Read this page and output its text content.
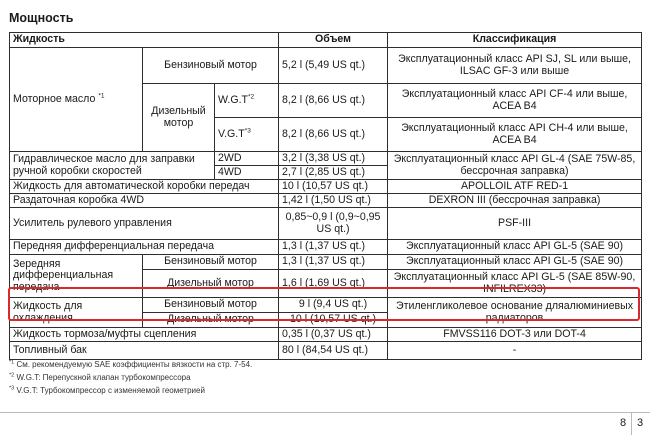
Мощность
Жидкость			Объем	Классификация
Моторное масло $^{*1}$	Бензиновый мотор		5,2 l (5,49 US qt.)	Эксплуатационный класс API SJ, SL или выше, ILSAC GF-3 или выше
	Дизельный мотор	$W.G.T^{*2}$	8,2 l (8,66 US qt.)	Эксплуатационный класс API CF-4 или выше, ACEA B4
		$V.G.T^{*3}$	8,2 l (8,66 US qt.)	Эксплуатационный класс API CH-4 или выше, ACEA B4
Гидравлическое масло для заправки ручной коробки скоростей		2WD	3,2 l (3,38 US qt.)	Эксплуатационный класс API GL-4 (SAE 75W-85, бессрочная заправка)
		4WD	2,7 l (2,85 US qt.)	
Жидкость для автоматической коробки передач			10 l (10,57 US qt.)	APOLLOIL ATF RED-1
Раздаточная коробка 4WD			1,42 l (1,50 US qt.)	DEXRON III (бессрочная заправка)
Усилитель рулевого управления			0,85~0,9 l (0,9~0,95 US qt.)	PSF-III
Передняя дифференциальная передача			1,3 l (1,37 US qt.)	Эксплуатационный класс API GL-5 (SAE 90)
Зеpедняя дифференциальная передача	Бензиновый мотор		1,3 l (1,37 US qt.)	Эксплуатационный класс API GL-5 (SAE 90)
	Дизельный мотор		1,6 l (1,69 US qt.)	Эксплуатационный класс API GL-5 (SAE 85W-90, INFILREX33)
Жидкость для охлаждения	Бензиновый мотор		9 l (9,4 US qt.)	Этиленгликолевое основание дляалюминиевых радиаторов
	Дизельный мотор		10 l (10,57 US qt.)	
Жидкость тормоза/муфты сцепления			0,35 l (0,37 US qt.)	FMVSS116 DOT-3 или DOT-4
Топливный бак			80 l (84,54 US qt.)	-
$^{*1}$ См. рекомендуемую SAE коэффициенты вязкости на стр. 7-54.
$^{*2}$ W.G.T: Перепускной клапан турбокомпрессора
$^{*3}$ V.G.T: Турбокомпрессор с изменяемой геометрией
8 3
